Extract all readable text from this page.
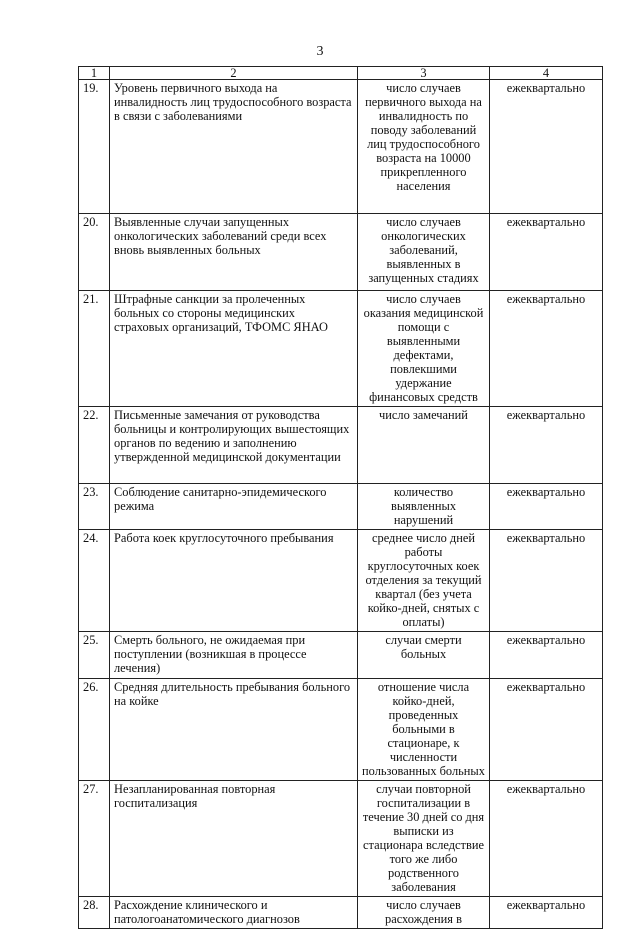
3
1	2	3	4
19.	Уровень первичного выхода на инвалидность лиц трудоспособного возраста в связи с заболеваниями	число случаев первичного выхода на инвалидность по поводу заболеваний лиц трудоспособного возраста на 10000 прикрепленного населения	ежеквартально
20.	Выявленные случаи запущенных онкологических заболеваний среди всех вновь выявленных больных	число случаев онкологических заболеваний, выявленных в запущенных стадиях	ежеквартально
21.	Штрафные санкции за пролеченных больных со стороны медицинских страховых организаций, ТФОМС ЯНАО	число случаев оказания медицинской помощи с выявленными дефектами, повлекшими удержание финансовых средств	ежеквартально
22.	Письменные замечания от руководства больницы и контролирующих вышестоящих органов по ведению и заполнению утвержденной медицинской документации	число замечаний	ежеквартально
23.	Соблюдение санитарно-эпидемического режима	количество выявленных нарушений	ежеквартально
24.	Работа коек круглосуточного пребывания	среднее число дней работы круглосуточных коек отделения за текущий квартал (без учета койко-дней, снятых с оплаты)	ежеквартально
25.	Смерть больного, не ожидаемая при поступлении (возникшая в процессе лечения)	случаи смерти больных	ежеквартально
26.	Средняя длительность пребывания больного на койке	отношение числа койко-дней, проведенных больными в стационаре, к численности пользованных больных	ежеквартально
27.	Незапланированная повторная госпитализация	случаи повторной госпитализации в течение 30 дней со дня выписки из стационара вследствие того же либо родственного заболевания	ежеквартально
28.	Расхождение клинического и патологоанатомического диагнозов	число случаев расхождения в	ежеквартально
